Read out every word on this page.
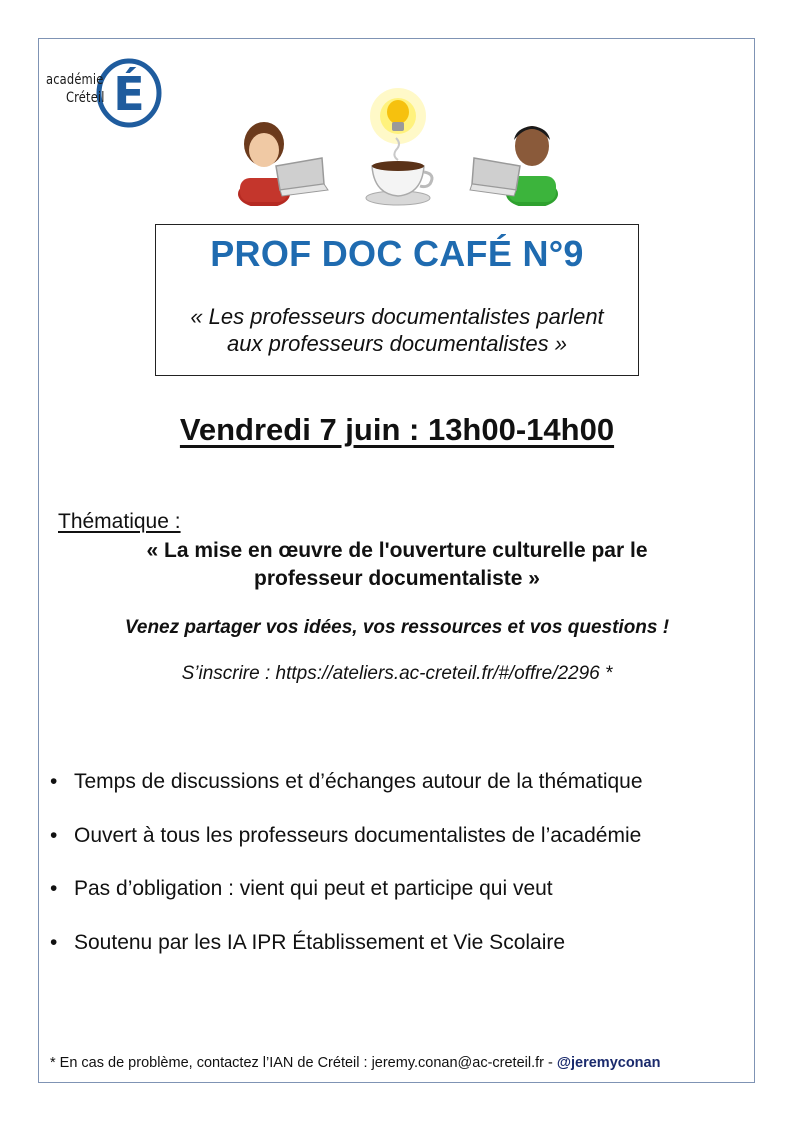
É
académie
Créteil
PROF DOC CAFÉ N°9
« Les professeurs documentalistes parlent
aux professeurs documentalistes »
Vendredi 7 juin : 13h00-14h00
Thématique :
« La mise en œuvre de l'ouverture culturelle par le
professeur documentaliste »
Venez partager vos idées, vos ressources et vos questions !
S’inscrire : https://ateliers.ac-creteil.fr/#/offre/2296 *
• Temps de discussions et d’échanges autour de la thématique
• Ouvert à tous les professeurs documentalistes de l’académie
• Pas d’obligation : vient qui peut et participe qui veut
• Soutenu par les IA IPR Établissement et Vie Scolaire
* En cas de problème, contactez l’IAN de Créteil : jeremy.conan@ac-creteil.fr - @jeremyconan
